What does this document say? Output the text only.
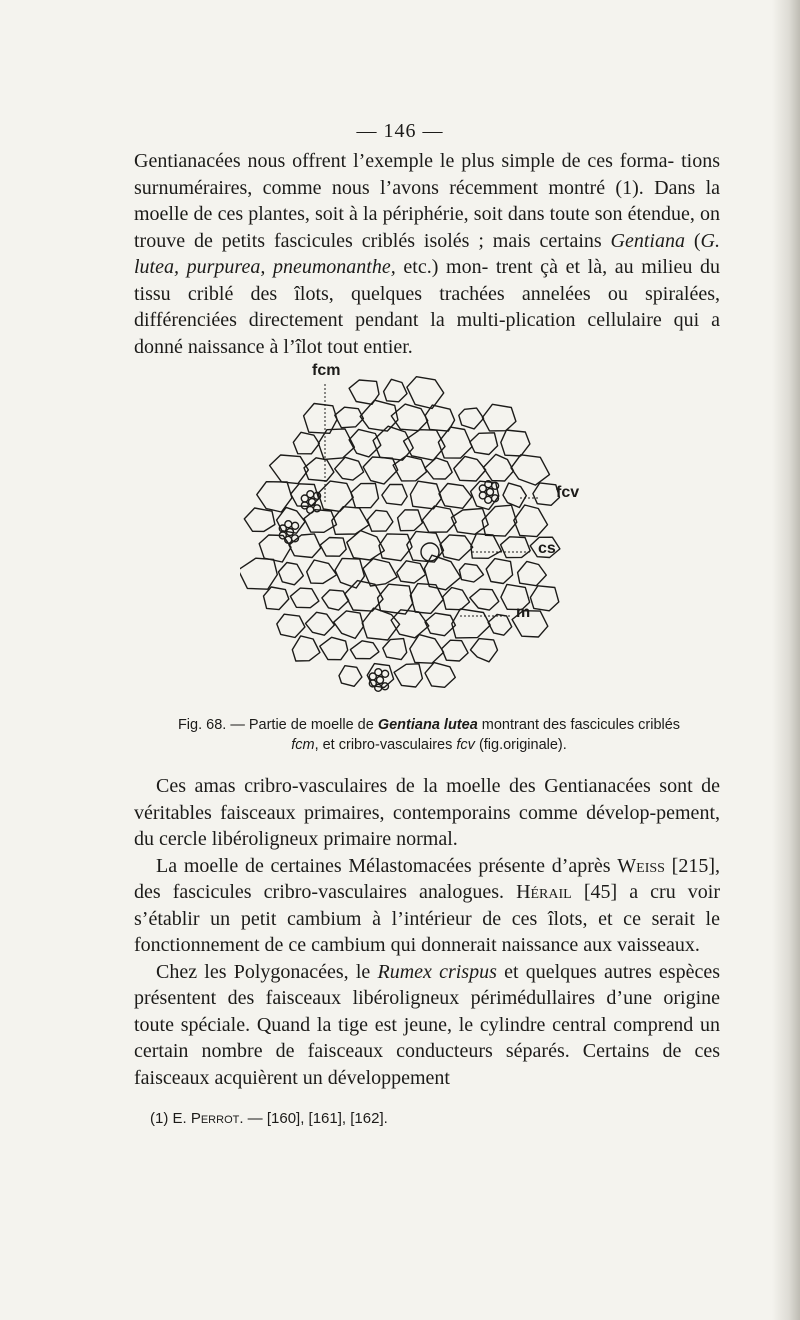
— 146 —

Gentianacées nous offrent l’exemple le plus simple de ces forma- tions surnuméraires, comme nous l’avons récemment montré (1). Dans la moelle de ces plantes, soit à la périphérie, soit dans toute son étendue, on trouve de petits fascicules criblés isolés ; mais certains Gentiana (G. lutea, purpurea, pneumonanthe, etc.) mon- trent çà et là, au milieu du tissu criblé des îlots, quelques trachées annelées ou spiralées, différenciées directement pendant la multi-plication cellulaire qui a donné naissance à l’îlot tout entier.

fcm
fcv
cs
m
Fig. 68. — Partie de moelle de Gentiana lutea montrant des fascicules criblés
fcm, et cribro-vasculaires fcv (fig.originale).

Ces amas cribro-vasculaires de la moelle des Gentianacées sont de véritables faisceaux primaires, contemporains comme dévelop-pement, du cercle libéroligneux primaire normal.

La moelle de certaines Mélastomacées présente d’après Weiss [215], des fascicules cribro-vasculaires analogues. Hérail [45] a cru voir s’établir un petit cambium à l’intérieur de ces îlots, et ce serait le fonctionnement de ce cambium qui donnerait naissance aux vaisseaux.

Chez les Polygonacées, le Rumex crispus et quelques autres espèces présentent des faisceaux libéroligneux périmédullaires d’une origine toute spéciale. Quand la tige est jeune, le cylindre central comprend un certain nombre de faisceaux conducteurs séparés. Certains de ces faisceaux acquièrent un développement

(1) E. Perrot. — [160], [161], [162].
